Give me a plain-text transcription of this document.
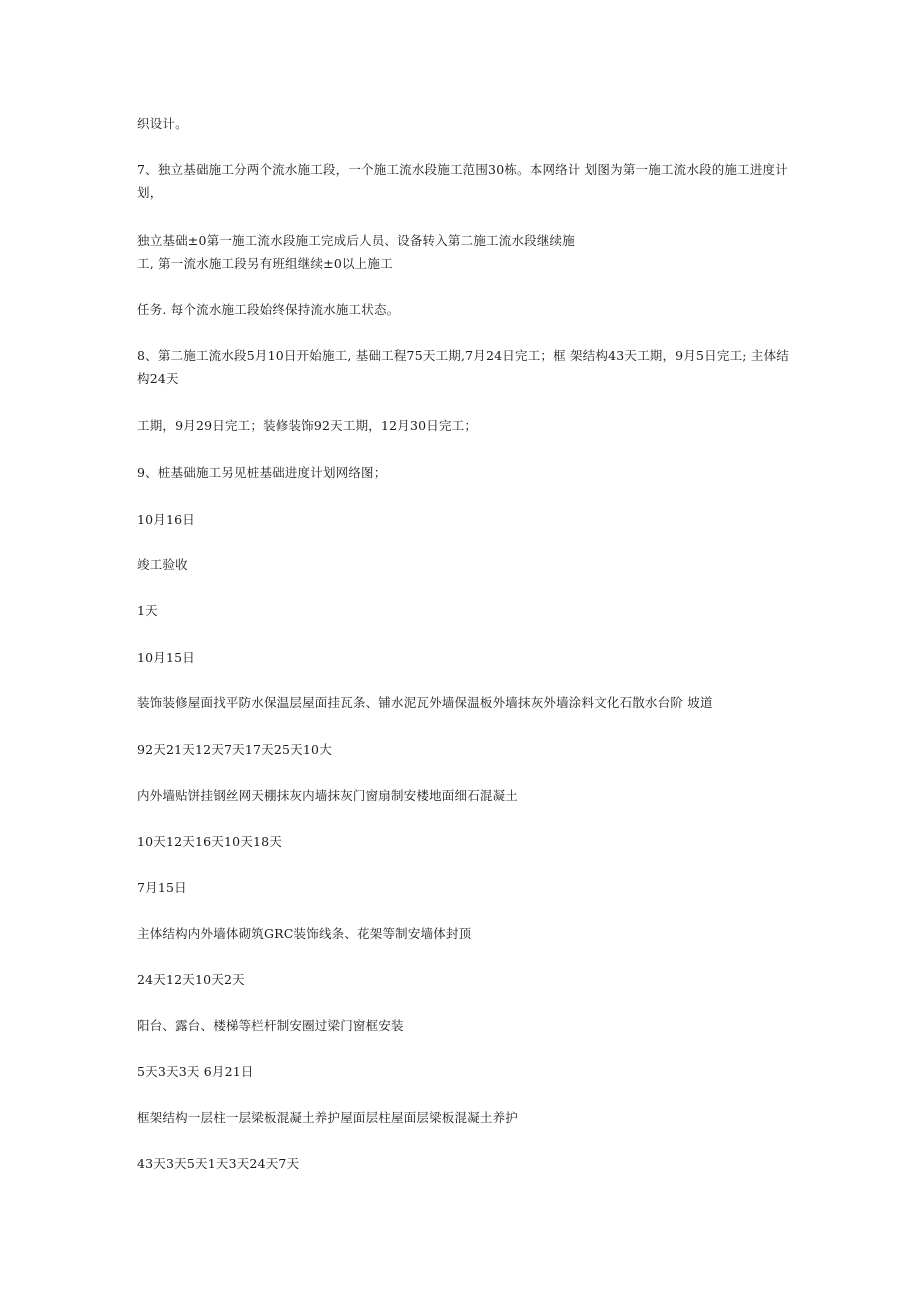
织设计。

7、独立基础施工分两个流水施工段，一个施工流水段施工范围30栋。本网络计 划图为第一施工流水段的施工进度计划，

独立基础±0第一施工流水段施工完成后人员、设备转入第二施工流水段继续施

工, 第一流水施工段另有班组继续±0以上施工

任务. 每个流水施工段始终保持流水施工状态。

8、第二施工流水段5月10日开始施工, 基础工程75天工期,7月24日完工；框 架结构43天工期，9月5日完工; 主体结构24天

工期，9月29日完工；装修装饰92天工期，12月30日完工；

9、桩基础施工另见桩基础进度计划网络图；

10月16日

竣工验收

1天

10月15日

装饰装修屋面找平防水保温层屋面挂瓦条、铺水泥瓦外墙保温板外墙抹灰外墙涂料文化石散水台阶 坡道

92天21天12天7天17天25天10大

内外墙贴饼挂钢丝网天棚抹灰内墙抹灰门窗扇制安楼地面细石混凝土

10天12天16天10天18天

7月15日

主体结构内外墙体砌筑GRC装饰线条、花架等制安墙体封顶

24天12天10天2天

阳台、露台、楼梯等栏杆制安圈过梁门窗框安装

5天3天3天 6月21日

框架结构一层柱一层梁板混凝土养护屋面层柱屋面层梁板混凝土养护

43天3天5天1天3天24天7天
